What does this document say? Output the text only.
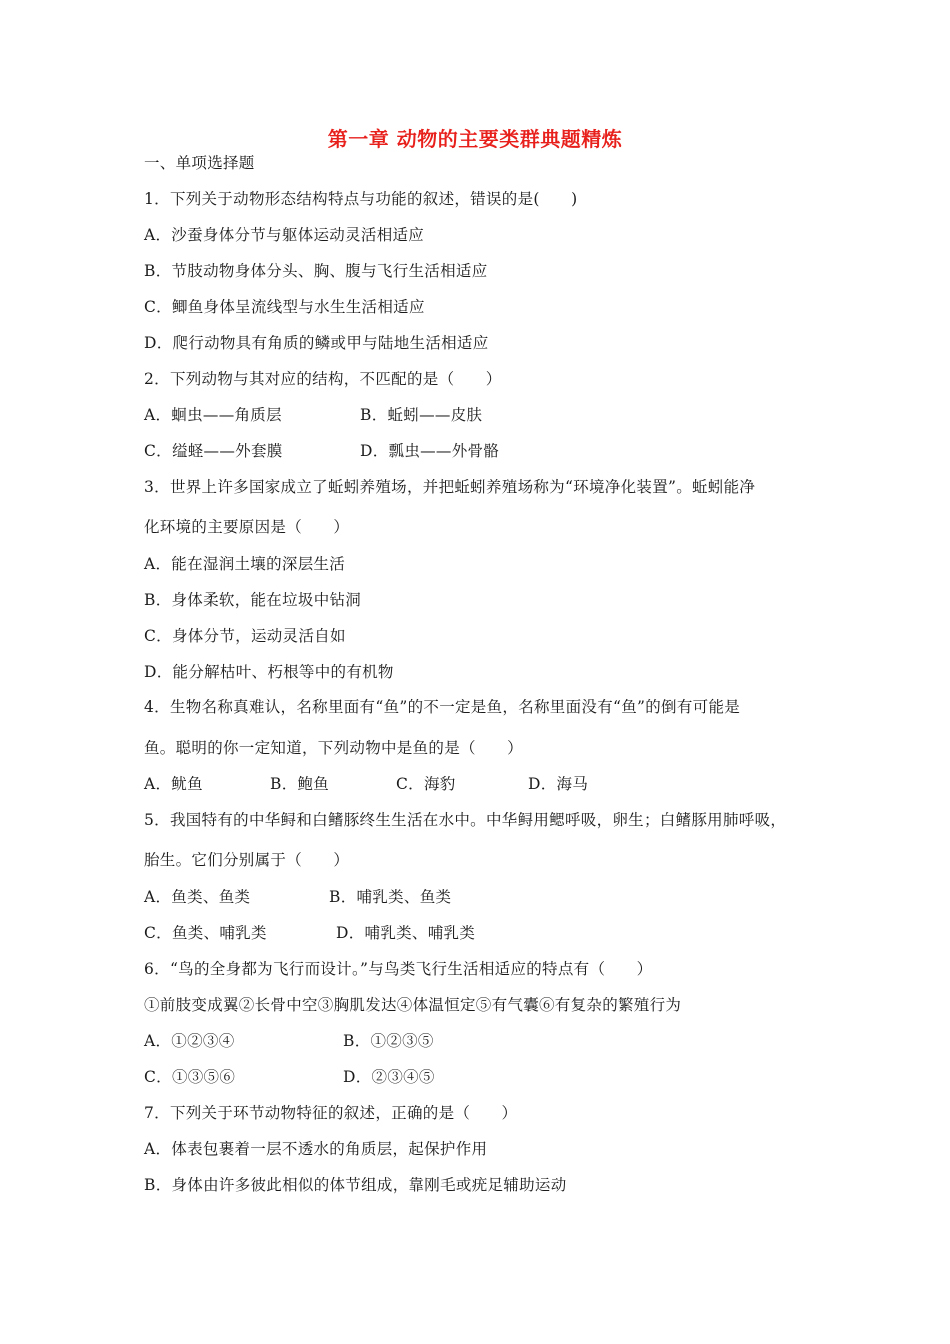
第一章 动物的主要类群典题精炼
一、单项选择题
1．下列关于动物形态结构特点与功能的叙述，错误的是(      )
A．沙蚕身体分节与躯体运动灵活相适应
B．节肢动物身体分头、胸、腹与飞行生活相适应
C．鲫鱼身体呈流线型与水生生活相适应
D．爬行动物具有角质的鳞或甲与陆地生活相适应
2．下列动物与其对应的结构，不匹配的是（      ）
A．蛔虫——角质层	B．蚯蚓——皮肤
C．缢蛏——外套膜	D．瓢虫——外骨骼
3．世界上许多国家成立了蚯蚓养殖场，并把蚯蚓养殖场称为“环境净化装置”。蚯蚓能净
化环境的主要原因是（      ）
A．能在湿润土壤的深层生活
B．身体柔软，能在垃圾中钻洞
C．身体分节，运动灵活自如
D．能分解枯叶、朽根等中的有机物
4．生物名称真难认，名称里面有“鱼”的不一定是鱼，名称里面没有“鱼”的倒有可能是
鱼。聪明的你一定知道，下列动物中是鱼的是（      ）
A．鱿鱼	B．鲍鱼	C．海豹	D．海马
5．我国特有的中华鲟和白鳍豚终生生活在水中。中华鲟用鳃呼吸，卵生；白鳍豚用肺呼吸，
胎生。它们分别属于（      ）
A．鱼类、鱼类	B．哺乳类、鱼类
C．鱼类、哺乳类	D．哺乳类、哺乳类
6．“鸟的全身都为飞行而设计。”与鸟类飞行生活相适应的特点有（      ）
①前肢变成翼②长骨中空③胸肌发达④体温恒定⑤有气囊⑥有复杂的繁殖行为
A．①②③④	B．①②③⑤
C．①③⑤⑥	D．②③④⑤
7．下列关于环节动物特征的叙述，正确的是（      ）
A．体表包裹着一层不透水的角质层，起保护作用
B．身体由许多彼此相似的体节组成，靠刚毛或疣足辅助运动
